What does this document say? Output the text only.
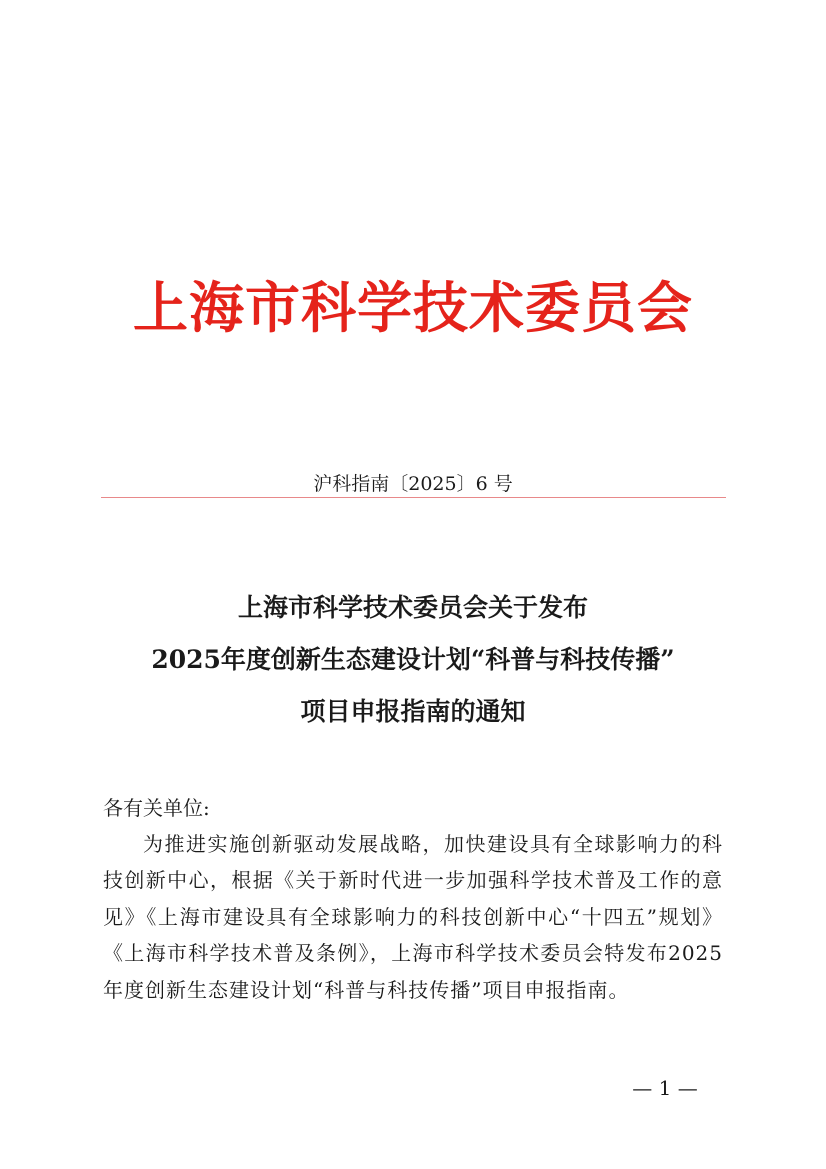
上海市科学技术委员会
沪科指南〔2025〕6 号
上海市科学技术委员会关于发布
2025年度创新生态建设计划“科普与科技传播”
项目申报指南的通知
各有关单位:
为推进实施创新驱动发展战略，加快建设具有全球影响力的科技创新中心，根据《关于新时代进一步加强科学技术普及工作的意见》《上海市建设具有全球影响力的科技创新中心“十四五”规划》《上海市科学技术普及条例》，上海市科学技术委员会特发布2025年度创新生态建设计划“科普与科技传播”项目申报指南。
— 1 —
